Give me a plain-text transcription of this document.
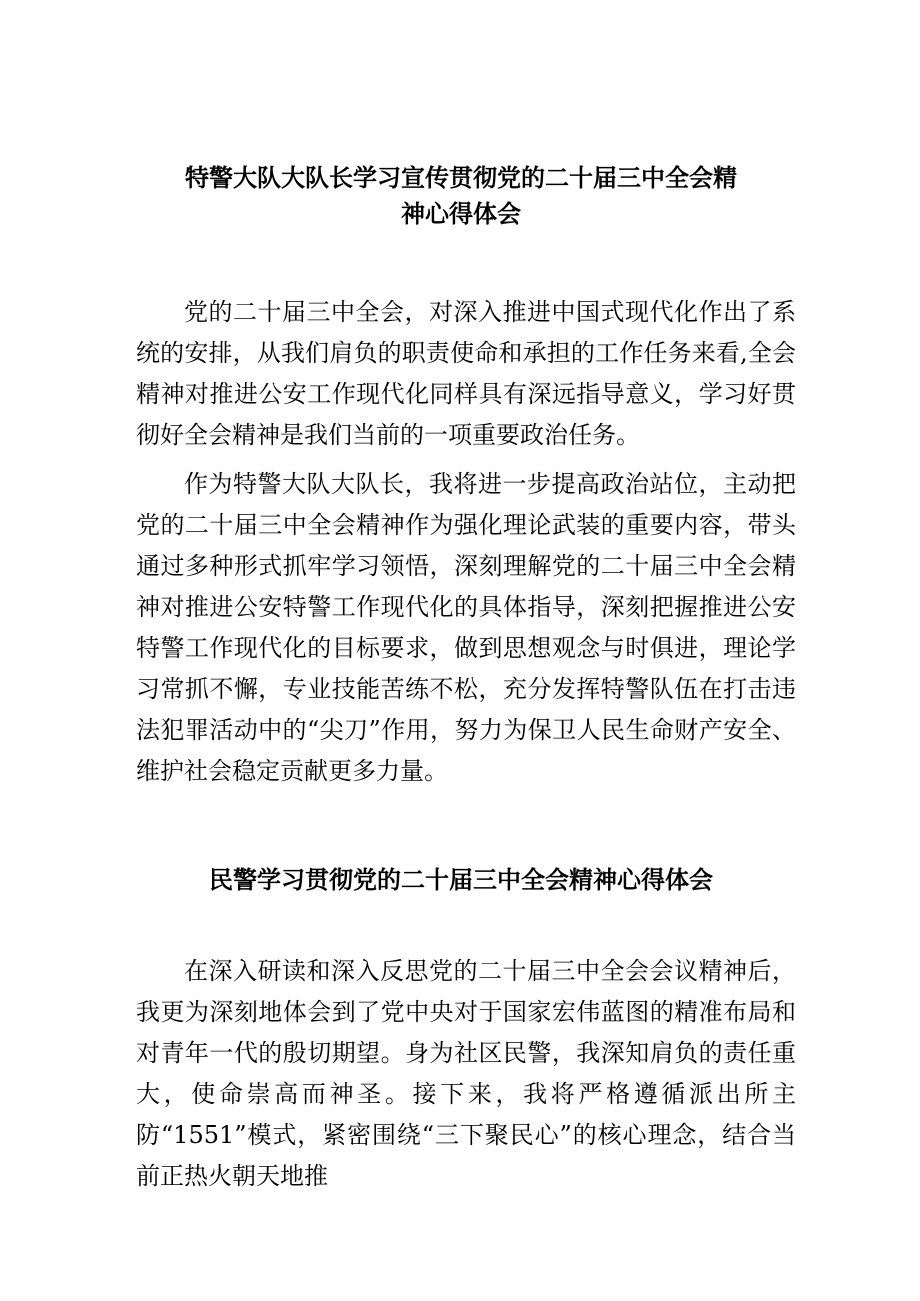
特警大队大队长学习宣传贯彻党的二十届三中全会精
神心得体会

党的二十届三中全会，对深入推进中国式现代化作出了系统的安排，从我们肩负的职责使命和承担的工作任务来看,全会精神对推进公安工作现代化同样具有深远指导意义，学习好贯彻好全会精神是我们当前的一项重要政治任务。

作为特警大队大队长，我将进一步提高政治站位，主动把党的二十届三中全会精神作为强化理论武装的重要内容，带头通过多种形式抓牢学习领悟，深刻理解党的二十届三中全会精神对推进公安特警工作现代化的具体指导，深刻把握推进公安特警工作现代化的目标要求，做到思想观念与时俱进，理论学习常抓不懈，专业技能苦练不松，充分发挥特警队伍在打击违法犯罪活动中的“尖刀”作用，努力为保卫人民生命财产安全、维护社会稳定贡献更多力量。

民警学习贯彻党的二十届三中全会精神心得体会

在深入研读和深入反思党的二十届三中全会会议精神后，我更为深刻地体会到了党中央对于国家宏伟蓝图的精准布局和对青年一代的殷切期望。身为社区民警，我深知肩负的责任重大，使命崇高而神圣。接下来，我将严格遵循派出所主防“1551”模式，紧密围绕“三下聚民心”的核心理念，结合当前正热火朝天地推
